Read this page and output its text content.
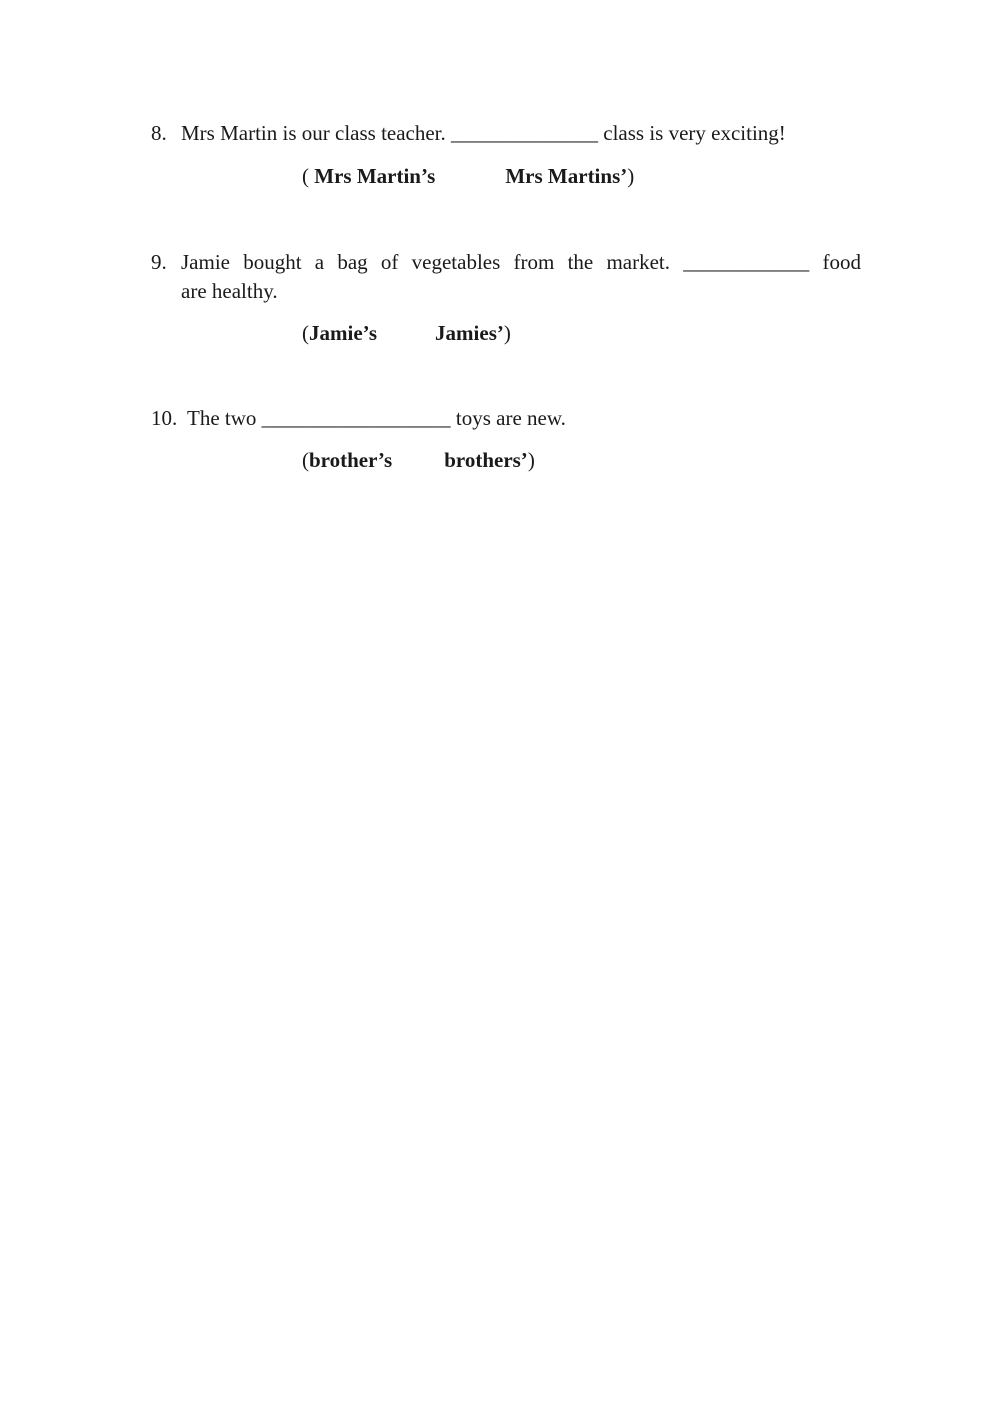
8. Mrs Martin is our class teacher. ______________ class is very exciting!
( Mrs Martin’s	Mrs Martins’)
9. Jamie bought a bag of vegetables from the market. ____________ food
are healthy.
(Jamie’s	Jamies’)
10. The two __________________ toys are new.
(brother’s brothers’)
